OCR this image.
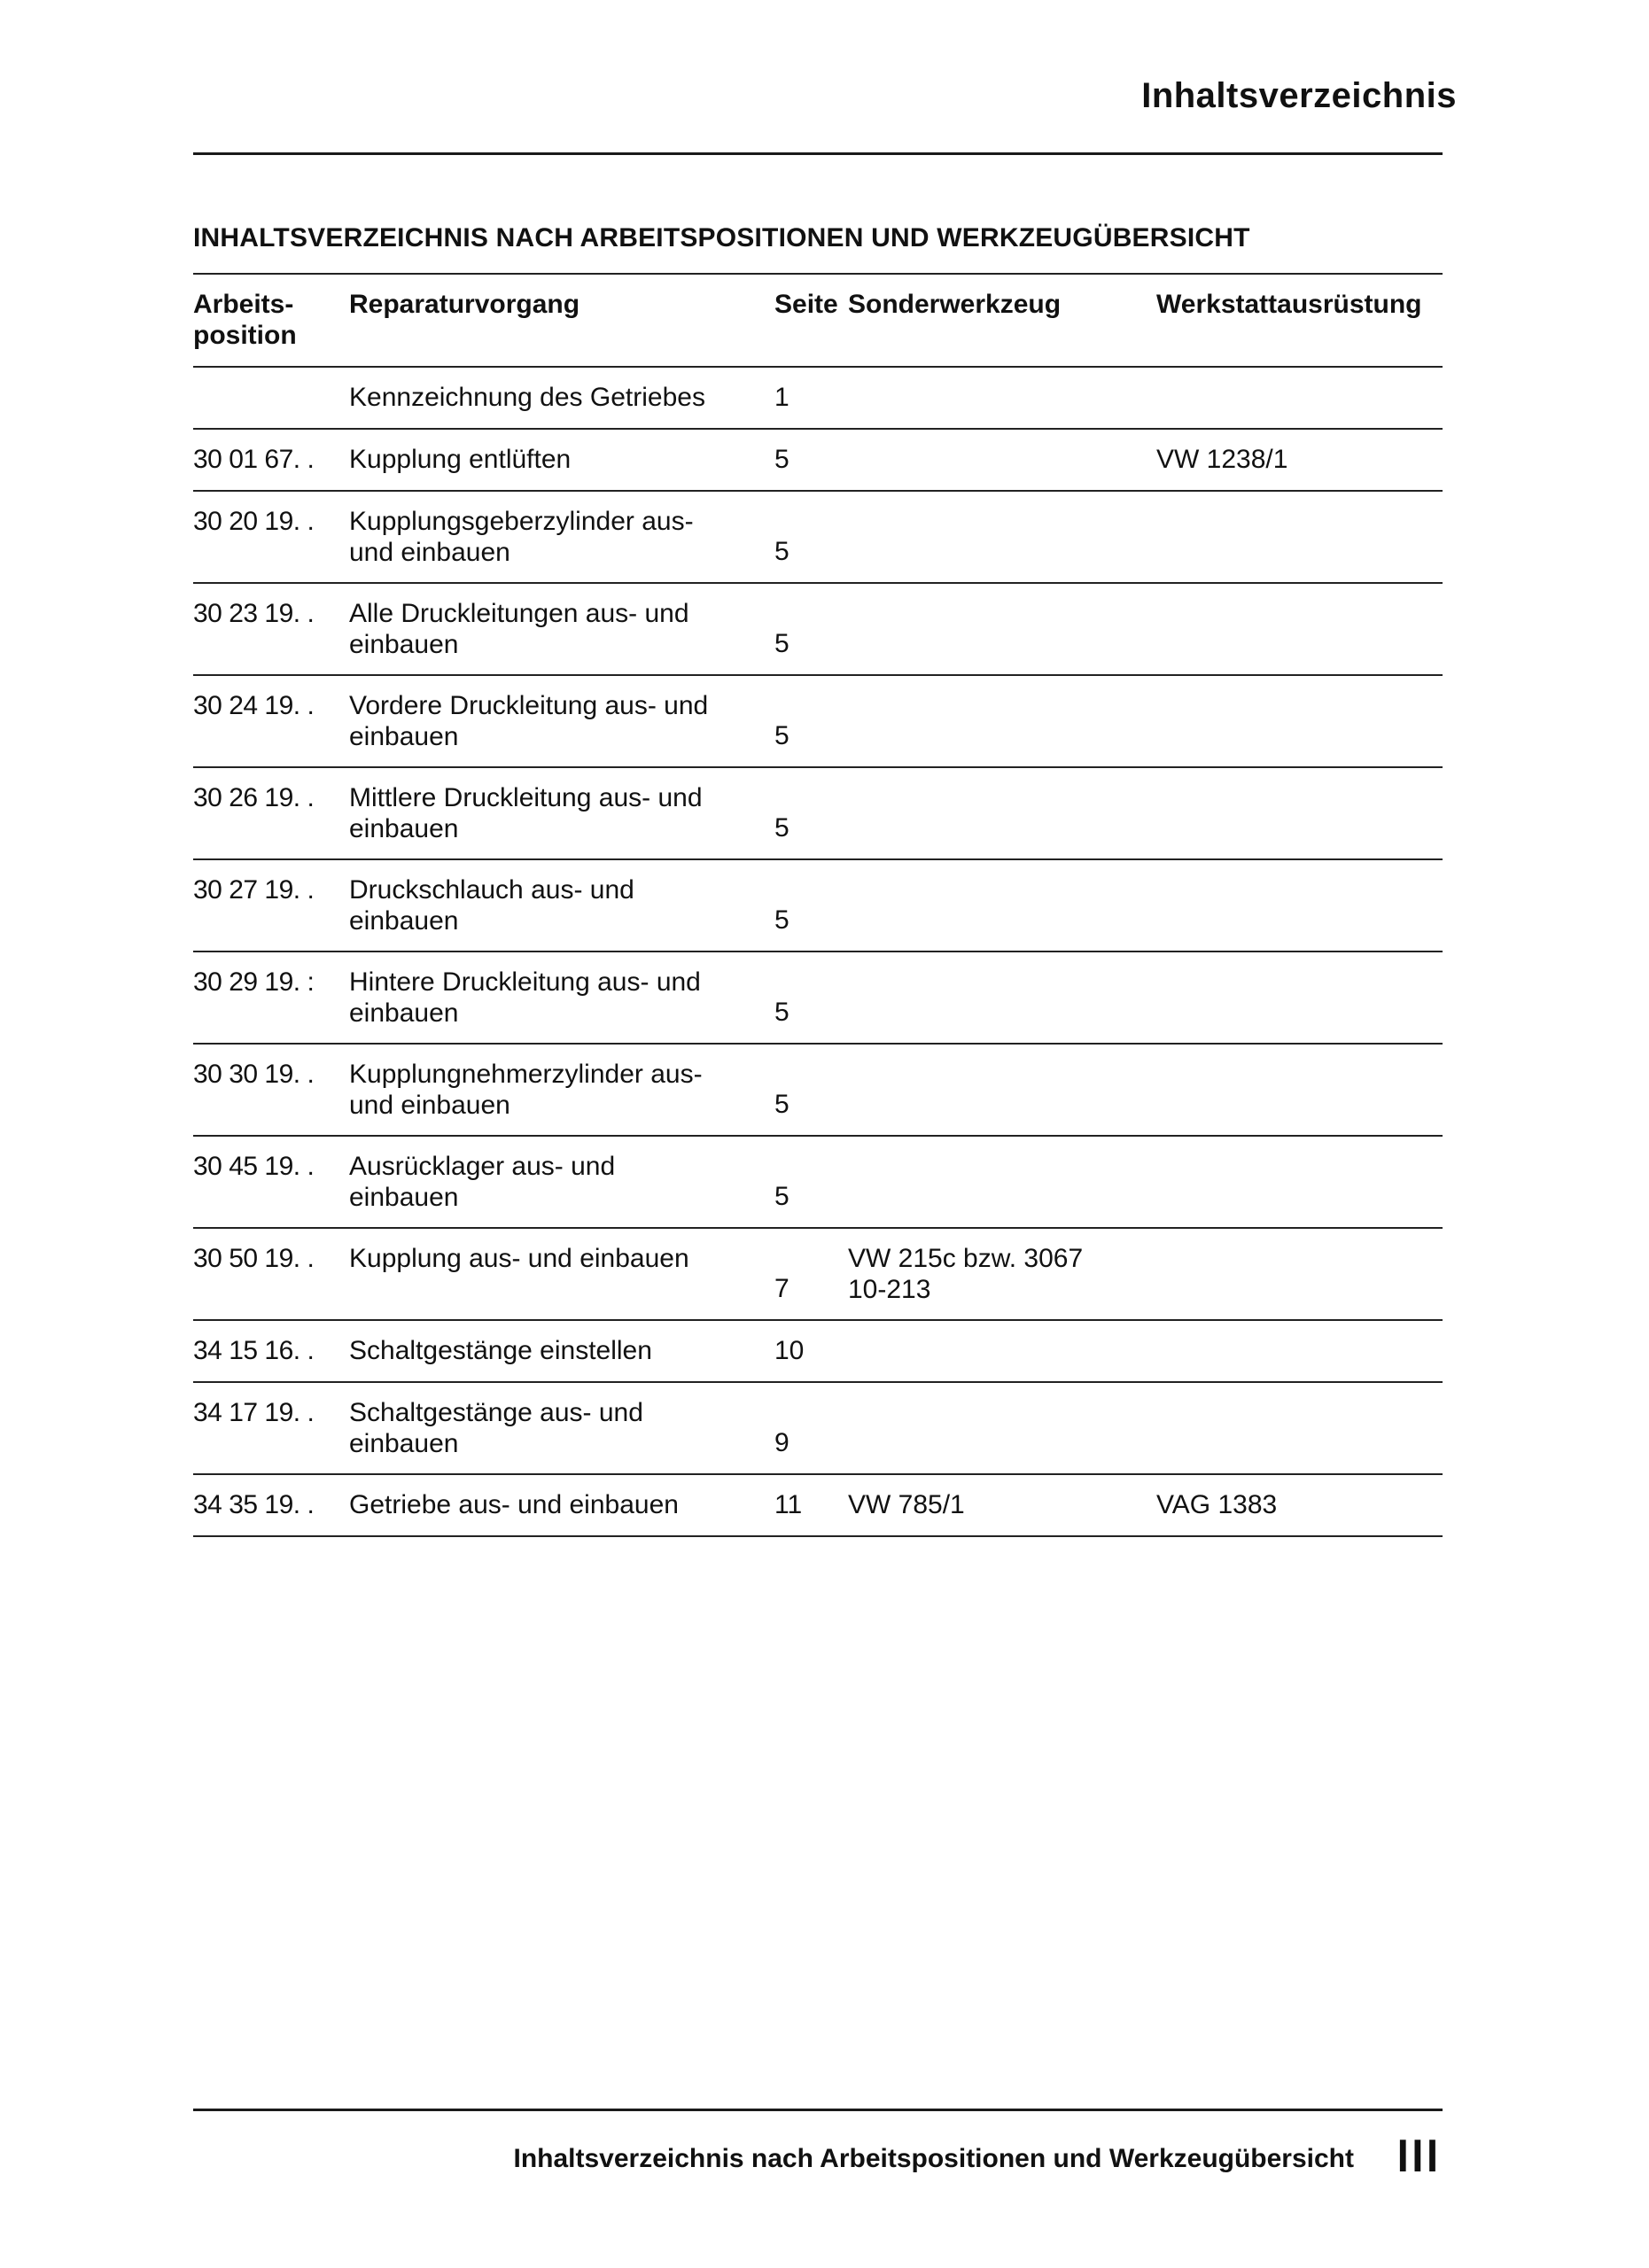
Inhaltsverzeichnis
INHALTSVERZEICHNIS NACH ARBEITSPOSITIONEN UND WERKZEUGÜBERSICHT
Arbeits-
position	Reparaturvorgang	Seite	Sonderwerkzeug	Werkstattausrüstung

	Kennzeichnung des Getriebes	1		
30 01 67. .	Kupplung entlüften	5		VW 1238/1
30 20 19. .	Kupplungsgeberzylinder aus-
und einbauen	5		
30 23 19. .	Alle Druckleitungen aus- und
einbauen	5		
30 24 19. .	Vordere Druckleitung aus- und
einbauen	5		
30 26 19. .	Mittlere Druckleitung aus- und
einbauen	5		
30 27 19. .	Druckschlauch aus- und
einbauen	5		
30 29 19. :	Hintere Druckleitung aus- und
einbauen	5		
30 30 19. .	Kupplungnehmerzylinder aus-
und einbauen	5		
30 45 19. .	Ausrücklager aus- und
einbauen	5		
30 50 19. .	Kupplung aus- und einbauen	7	VW 215c bzw. 3067
10-213	

34 15 16. .	Schaltgestänge einstellen	10		
34 17 19. .	Schaltgestänge aus- und
einbauen	9		
34 35 19. .	Getriebe aus- und einbauen	11	VW 785/1	VAG 1383
Inhaltsverzeichnis nach Arbeitspositionen und Werkzeugübersicht III
